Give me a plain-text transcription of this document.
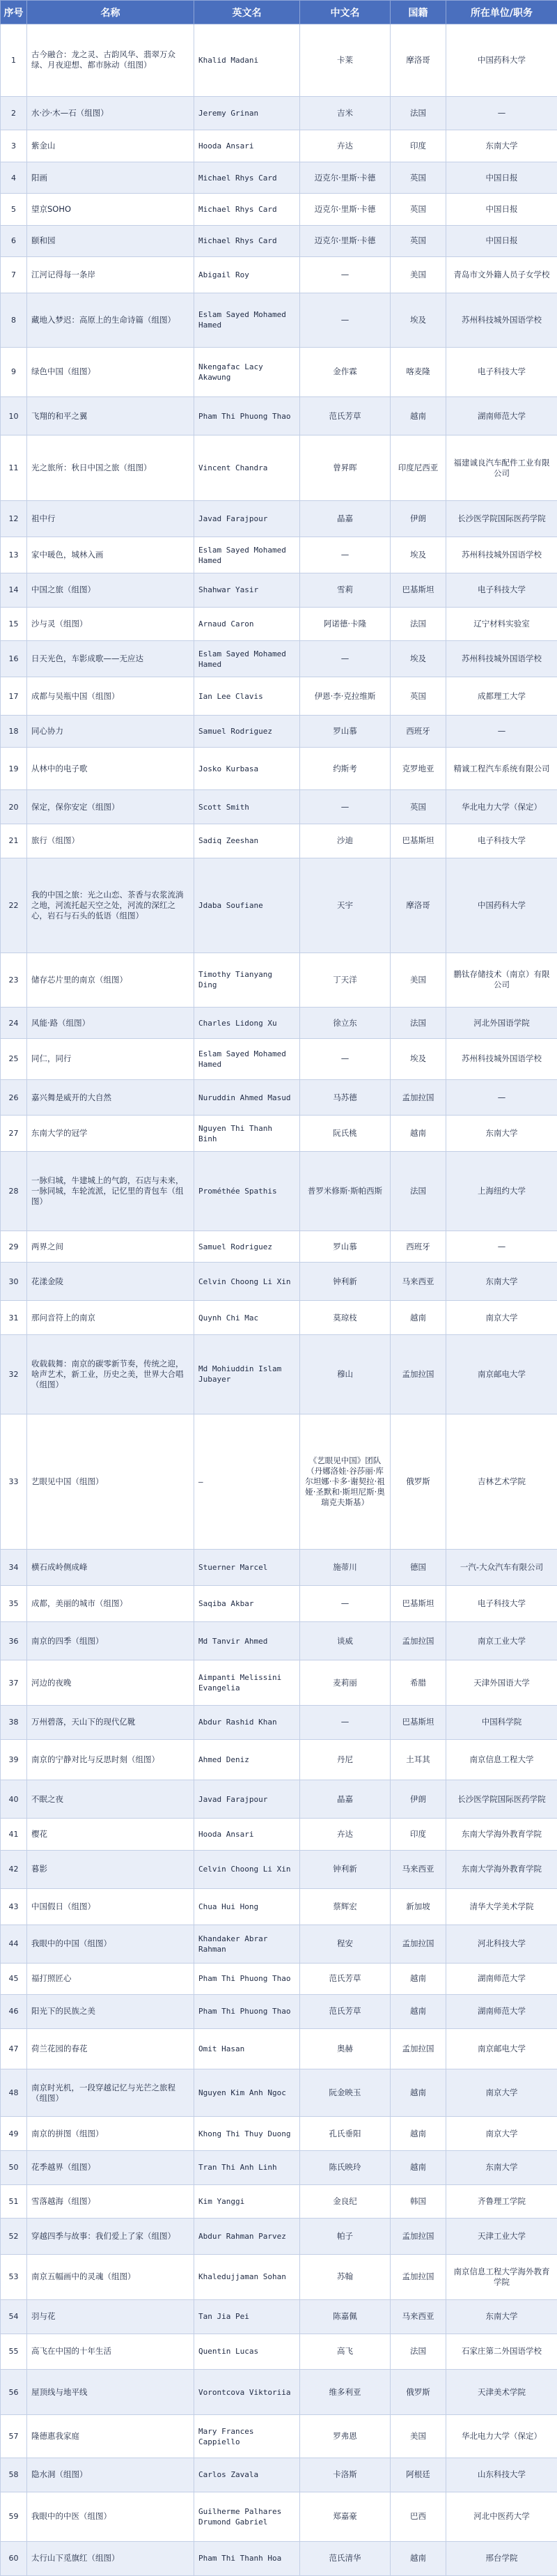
序号	名称	英文名	中文名	国籍	所在单位/职务
1	古今融合：龙之灵、古韵风华、翡翠万众绿、月夜迎想、都市脉动（组图）	Khalid Madani	卡莱	摩洛哥	中国药科大学
2	水·沙·木—石（组图）	Jeremy Grinan	吉米	法国	—
3	紫金山	Hooda Ansari	卉达	印度	东南大学
4	阳画	Michael Rhys Card	迈克尔·里斯·卡德	英国	中国日报
5	望京SOHO	Michael Rhys Card	迈克尔·里斯·卡德	英国	中国日报
6	颐和园	Michael Rhys Card	迈克尔·里斯·卡德	英国	中国日报
7	江河记得每一条岸	Abigail Roy	—	美国	青岛市文外籍人员子女学校
8	藏地入梦迟：高原上的生命诗篇（组图）	Eslam Sayed Mohamed Hamed	—	埃及	苏州科技城外国语学校
9	绿色中国（组图）	Nkengafac Lacy Akawung	金作霖	喀麦隆	电子科技大学
10	飞翔的和平之翼	Pham Thi Phuong Thao	范氏芳草	越南	湖南师范大学
11	光之旅所：秋日中国之旅（组图）	Vincent Chandra	曾昇晖	印度尼西亚	福建诚良汽车配件工业有限公司
12	祖中行	Javad Farajpour	晶嘉	伊朗	长沙医学院国际医药学院
13	家中暖色，城林入画	Eslam Sayed Mohamed Hamed	—	埃及	苏州科技城外国语学校
14	中国之旅（组图）	Shahwar Yasir	雪莉	巴基斯坦	电子科技大学
15	沙与灵（组图）	Arnaud Caron	阿诺德·卡隆	法国	辽宁材料实验室
16	日天光色，车影成歌——无应达	Eslam Sayed Mohamed Hamed	—	埃及	苏州科技城外国语学校
17	成都与吴瓶中国（组图）	Ian Lee Clavis	伊恩·李·克拉维斯	英国	成都理工大学
18	同心协力	Samuel Rodriguez	罗山慕	西班牙	—
19	从林中的电子歌	Josko Kurbasa	约斯考	克罗地亚	精诚工程汽车系统有限公司
20	保定，保你安定（组图）	Scott Smith	—	英国	华北电力大学（保定）
21	旅行（组图）	Sadiq Zeeshan	沙迪	巴基斯坦	电子科技大学
22	我的中国之旅：光之山恋、茶香与农浆流淌之地，河流托起天空之处，河流的深红之心，岩石与石头的低语（组图）	Jdaba Soufiane	天宇	摩洛哥	中国药科大学
23	储存芯片里的南京（组图）	Timothy Tianyang Ding	丁天洋	美国	鹏钛存储技术（南京）有限公司
24	风能·路（组图）	Charles Lidong Xu	徐立东	法国	河北外国语学院
25	同仁，同行	Eslam Sayed Mohamed Hamed	—	埃及	苏州科技城外国语学校
26	嘉兴舞是威开的大自然	Nuruddin Ahmed Masud	马苏德	孟加拉国	—
27	东南大学的冠学	Nguyen Thi Thanh Binh	阮氏桃	越南	东南大学
28	一脉归城，牛建城上的气韵，石店与未来，一脉同城，车轮流派，记忆里的青包车（组图）	Prométhée Spathis	普罗米修斯·斯帕西斯	法国	上海纽约大学
29	两界之间	Samuel Rodriguez	罗山慕	西班牙	—
30	花漾金陵	Celvin Choong Li Xin	钟利新	马来西亚	东南大学
31	那问音符上的南京	Quynh Chi Mac	莫琼枝	越南	南京大学
32	收载载舞：南京的碳零新节奏，传统之迎，啥声艺术，新工业，历史之美，世界大合唱（组图）	Md Mohiuddin Islam Jubayer	穆山	孟加拉国	南京邮电大学
33	艺眼见中国（组图）	—	《艺眼见中国》团队（丹娜洛娃·谷莎丽·库尔坦娜·卡多·谢契拉·祖娅·圣默和·斯坦尼斯·奥瑞克夫斯基）	俄罗斯	吉林艺术学院
34	横石成岭侧成峰	Stuerner Marcel	施蒂川	德国	一汽-大众汽车有限公司
35	成都，美丽的城市（组图）	Saqiba Akbar	—	巴基斯坦	电子科技大学
36	南京的四季（组图）	Md Tanvir Ahmed	谈威	孟加拉国	南京工业大学
37	河边的夜晚	Aimpanti Melissini Evangelia	麦莉丽	希腊	天津外国语大学
38	万州碧落，天山下的现代亿靴	Abdur Rashid Khan	—	巴基斯坦	中国科学院
39	南京的宁静对比与反思时刻（组图）	Ahmed Deniz	丹尼	土耳其	南京信息工程大学
40	不眠之夜	Javad Farajpour	晶嘉	伊朗	长沙医学院国际医药学院
41	樱花	Hooda Ansari	卉达	印度	东南大学海外教育学院
42	暮影	Celvin Choong Li Xin	钟利新	马来西亚	东南大学海外教育学院
43	中国假日（组图）	Chua Hui Hong	蔡辉宏	新加坡	清华大学美术学院
44	我眼中的中国（组图）	Khandaker Abrar Rahman	程安	孟加拉国	河北科技大学
45	福打照匠心	Pham Thi Phuong Thao	范氏芳草	越南	湖南师范大学
46	阳光下的民族之美	Pham Thi Phuong Thao	范氏芳草	越南	湖南师范大学
47	荷兰花园的春花	Omit Hasan	奥赫	孟加拉国	南京邮电大学
48	南京时光机，一段穿越记忆与光芒之旅程（组图）	Nguyen Kim Anh Ngoc	阮金映玉	越南	南京大学
49	南京的拼图（组图）	Khong Thi Thuy Duong	孔氏垂阳	越南	南京大学
50	花季越界（组图）	Tran Thi Anh Linh	陈氏映玲	越南	东南大学
51	雪落越海（组图）	Kim Yanggi	金良纪	韩国	齐鲁理工学院
52	穿越四季与故事：我们爱上了家（组图）	Abdur Rahman Parvez	帕子	孟加拉国	天津工业大学
53	南京五幅画中的灵魂（组图）	Khaledujjaman Sohan	苏翰	孟加拉国	南京信息工程大学海外教育学院
54	羽与花	Tan Jia Pei	陈嘉佩	马来西亚	东南大学
55	高飞在中国的十年生活	Quentin Lucas	高飞	法国	石家庄第二外国语学校
56	屋顶线与地平线	Vorontcova Viktoriia	维多利亚	俄罗斯	天津美术学院
57	隆德惠我家庭	Mary Frances Cappiello	罗弗恩	美国	华北电力大学（保定）
58	隐水洞（组图）	Carlos Zavala	卡洛斯	阿根廷	山东科技大学
59	我眼中的中医（组图）	Guilherme Palhares Drumond Gabriel	郑嘉豪	巴西	河北中医药大学
60	太行山下觅旗红（组图）	Pham Thi Thanh Hoa	范氏清华	越南	邢台学院
